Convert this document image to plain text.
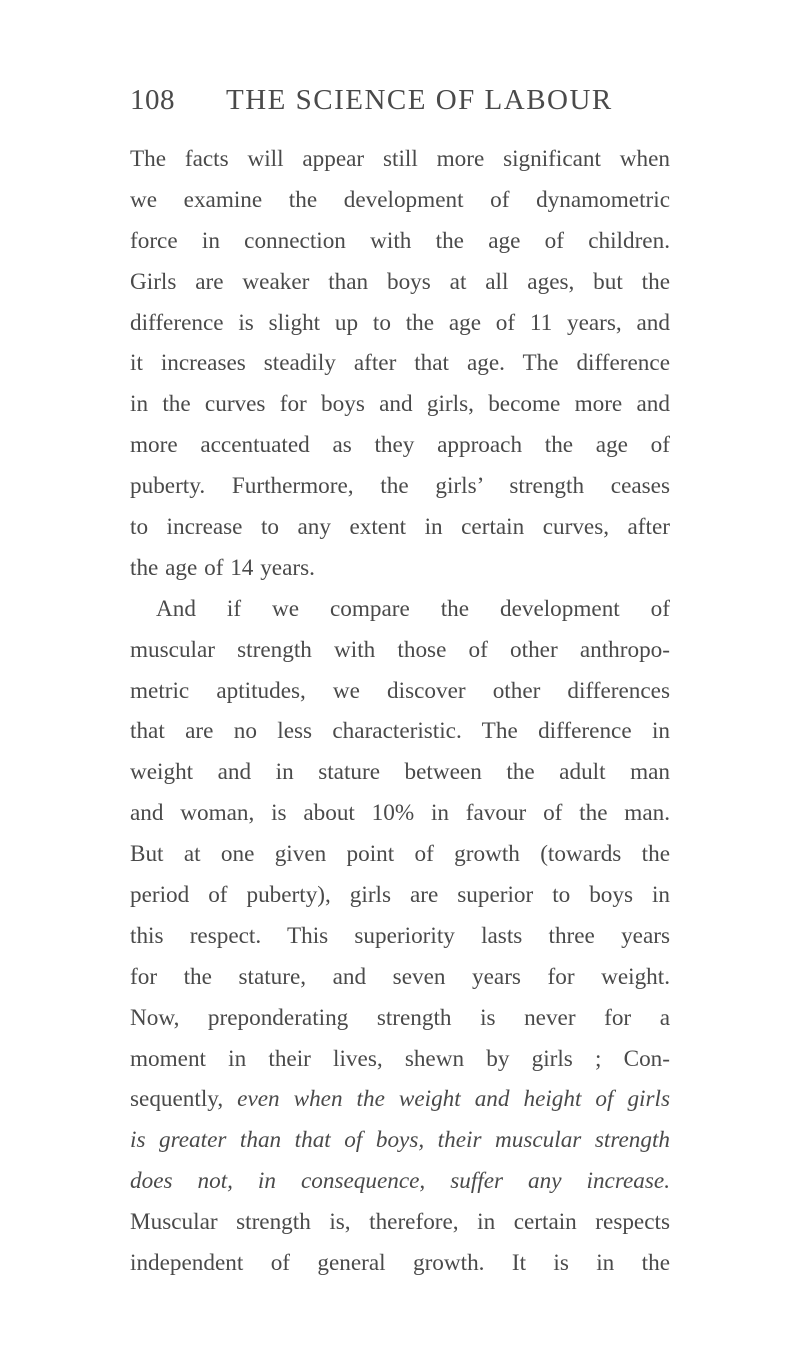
108 THE SCIENCE OF LABOUR
The facts will appear still more significant when
we examine the development of dynamometric
force in connection with the age of children.
Girls are weaker than boys at all ages, but the
difference is slight up to the age of 11 years, and
it increases steadily after that age. The difference
in the curves for boys and girls, become more and
more accentuated as they approach the age of
puberty. Furthermore, the girls’ strength ceases
to increase to any extent in certain curves, after
the age of 14 years.
And if we compare the development of
muscular strength with those of other anthropo-
metric aptitudes, we discover other differences
that are no less characteristic. The difference in
weight and in stature between the adult man
and woman, is about 10% in favour of the man.
But at one given point of growth (towards the
period of puberty), girls are superior to boys in
this respect. This superiority lasts three years
for the stature, and seven years for weight.
Now, preponderating strength is never for a
moment in their lives, shewn by girls ; Con-
sequently, even when the weight and height of girls
is greater than that of boys, their muscular strength
does not, in consequence, suffer any increase.
Muscular strength is, therefore, in certain respects
independent of general growth. It is in the
